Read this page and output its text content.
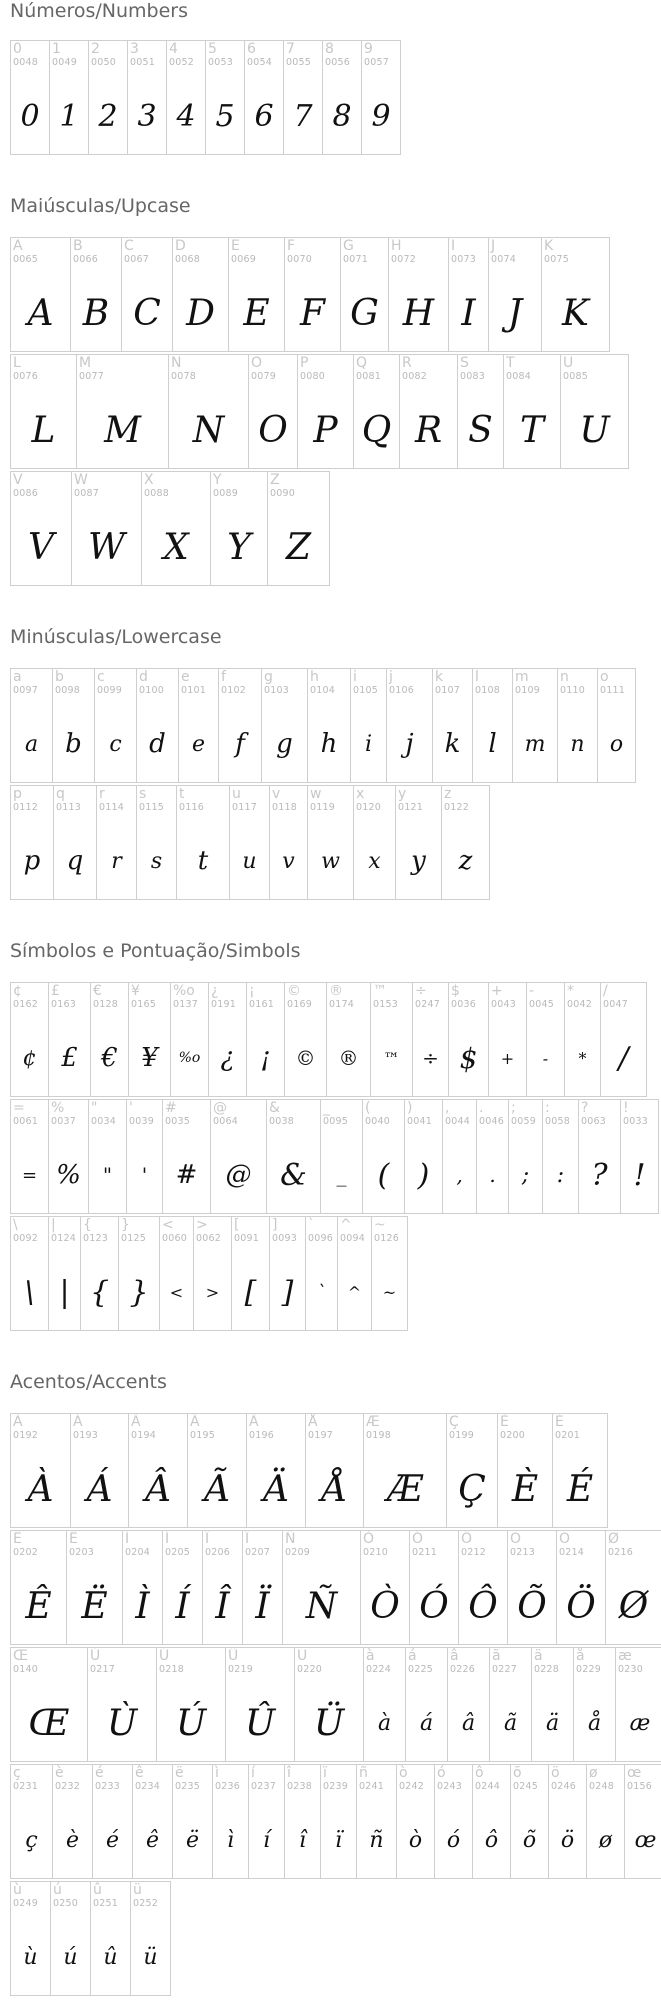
Números/Numbers
0
0048
0
1
0049
1
2
0050
2
3
0051
3
4
0052
4
5
0053
5
6
0054
6
7
0055
7
8
0056
8
9
0057
9
Maiúsculas/Upcase
A
0065
A
B
0066
B
C
0067
C
D
0068
D
E
0069
E
F
0070
F
G
0071
G
H
0072
H
I
0073
I
J
0074
J
K
0075
K
L
0076
L
M
0077
M
N
0078
N
O
0079
O
P
0080
P
Q
0081
Q
R
0082
R
S
0083
S
T
0084
T
U
0085
U
V
0086
V
W
0087
W
X
0088
X
Y
0089
Y
Z
0090
Z
Minúsculas/Lowercase
a
0097
a
b
0098
b
c
0099
c
d
0100
d
e
0101
e
f
0102
f
g
0103
g
h
0104
h
i
0105
i
j
0106
j
k
0107
k
l
0108
l
m
0109
m
n
0110
n
o
0111
o
p
0112
p
q
0113
q
r
0114
r
s
0115
s
t
0116
t
u
0117
u
v
0118
v
w
0119
w
x
0120
x
y
0121
y
z
0122
z
Símbolos e Pontuação/Simbols
¢
0162
¢
£
0163
£
€
0128
€
¥
0165
¥
%o
0137
%o
¿
0191
¿
¡
0161
¡
©
0169
©
®
0174
®
™
0153
™
÷
0247
÷
$
0036
$
+
0043
+
-
0045
-
*
0042
*
/
0047
/
=
0061
=
%
0037
%
"
0034
"
'
0039
'
#
0035
#
@
0064
@
&
0038
&
_
0095
_
(
0040
(
)
0041
)
,
0044
,
.
0046
.
;
0059
;
:
0058
:
?
0063
?
!
0033
!
\
0092
\
|
0124
|
{
0123
{
}
0125
}
<
0060
<
>
0062
>
[
0091
[
]
0093
]
`
0096
`
^
0094
^
~
0126
~
Acentos/Accents
À
0192
À
Á
0193
Á
Â
0194
Â
Ã
0195
Ã
Ä
0196
Ä
Å
0197
Å
Æ
0198
Æ
Ç
0199
Ç
È
0200
È
É
0201
É
Ê
0202
Ê
Ë
0203
Ë
Ì
0204
Ì
Í
0205
Í
Î
0206
Î
Ï
0207
Ï
Ñ
0209
Ñ
Ò
0210
Ò
Ó
0211
Ó
Ô
0212
Ô
Õ
0213
Õ
Ö
0214
Ö
Ø
0216
Ø
Œ
0140
Œ
Ù
0217
Ù
Ú
0218
Ú
Û
0219
Û
Ü
0220
Ü
à
0224
à
á
0225
á
â
0226
â
ã
0227
ã
ä
0228
ä
å
0229
å
æ
0230
æ
ç
0231
ç
è
0232
è
é
0233
é
ê
0234
ê
ë
0235
ë
ì
0236
ì
í
0237
í
î
0238
î
ï
0239
ï
ñ
0241
ñ
ò
0242
ò
ó
0243
ó
ô
0244
ô
õ
0245
õ
ö
0246
ö
ø
0248
ø
œ
0156
œ
ù
0249
ù
ú
0250
ú
û
0251
û
ü
0252
ü
